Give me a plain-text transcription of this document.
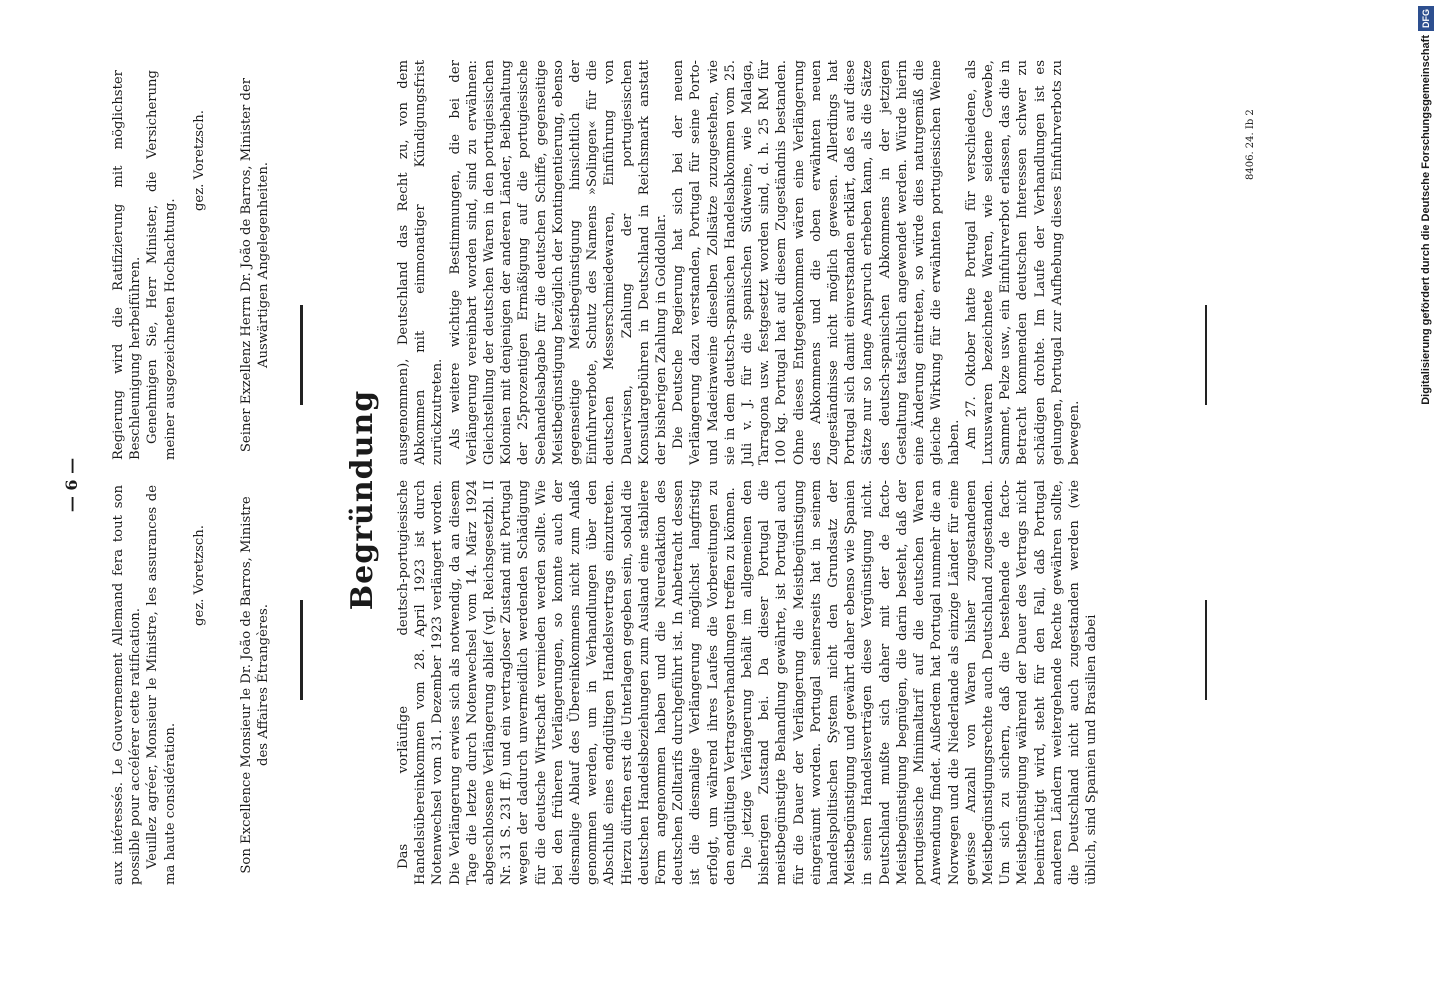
— 6 — aux intéressés. Le Gouvernement Allemand fera tout son possible pour accélérer cette ratification. Veuillez agréer, Monsieur le Ministre, les assurances de ma haute considération.

gez. Voretzsch. Son Excellence Monsieur le Dr. João de Barros, Ministre des Affaires Étrangères.

Regierung wird die Ratifizierung mit möglichster Beschleunigung herbeiführen. Genehmigen Sie, Herr Minister, die Versicherung meiner ausgezeichneten Hochachtung.

gez. Voretzsch. Seiner Exzellenz Herrn Dr. João de Barros, Minister der Auswärtigen Angelegenheiten.
Begründung Das vorläufige deutsch-portugiesische Handelsübereinkommen vom 28. April 1923 ist durch Notenwechsel vom 31. Dezember 1923 verlängert worden. Die Verlängerung erwies sich als notwendig, da an diesem Tage die letzte durch Notenwechsel vom 14. März 1924 abgeschlossene Verlängerung ablief (vgl. Reichsgesetzbl. II Nr. 31 S. 231 ff.) und ein vertragloser Zustand mit Portugal wegen der dadurch unvermeidlich werdenden Schädigung für die deutsche Wirtschaft vermieden werden sollte. Wie bei den früheren Verlängerungen, so konnte auch der diesmalige Ablauf des Übereinkommens nicht zum Anlaß genommen werden, um in Verhandlungen über den Abschluß eines endgültigen Handelsvertrags einzutreten. Hierzu dürften erst die Unterlagen gegeben sein, sobald die deutschen Handelsbeziehungen zum Ausland eine stabilere Form angenommen haben und die Neuredaktion des deutschen Zolltarifs durchgeführt ist. In Anbetracht dessen ist die diesmalige Verlängerung möglichst langfristig erfolgt, um während ihres Laufes die Vorbereitungen zu den endgültigen Vertragsverhandlungen treffen zu können. Die jetzige Verlängerung behält im allgemeinen den bisherigen Zustand bei. Da dieser Portugal die meistbegünstigte Behandlung gewährte, ist Portugal auch für die Dauer der Verlängerung die Meistbegünstigung eingeräumt worden. Portugal seinerseits hat in seinem handelspolitischen System nicht den Grundsatz der Meistbegünstigung und gewährt daher ebenso wie Spanien in seinen Handelsverträgen diese Vergünstigung nicht. Deutschland mußte sich daher mit der de facto-Meistbegünstigung begnügen, die darin besteht, daß der portugiesische Minimaltarif auf die deutschen Waren Anwendung findet. Außerdem hat Portugal nunmehr die an Norwegen und die Niederlande als einzige Länder für eine gewisse Anzahl von Waren bisher zugestandenen Meistbegünstigungsrechte auch Deutschland zugestanden. Um sich zu sichern, daß die bestehende de facto-Meistbegünstigung während der Dauer des Vertrags nicht beeinträchtigt wird, steht für den Fall, daß Portugal anderen Ländern weitergehende Rechte gewähren sollte, die Deutschland nicht auch zugestanden werden (wie üblich, sind Spanien und Brasilien dabei

ausgenommen), Deutschland das Recht zu, von dem Abkommen mit einmonatiger Kündigungsfrist zurückzutreten. Als weitere wichtige Bestimmungen, die bei der Verlängerung vereinbart worden sind, sind zu erwähnen: Gleichstellung der deutschen Waren in den portugiesischen Kolonien mit denjenigen der anderen Länder, Beibehaltung der 25prozentigen Ermäßigung auf die portugiesische Seehandelsabgabe für die deutschen Schiffe, gegenseitige Meistbegünstigung bezüglich der Kontingentierung, ebenso gegenseitige Meistbegünstigung hinsichtlich der Einfuhrverbote, Schutz des Namens »Solingen« für die deutschen Messerschmiedewaren, Einführung von Dauervisen, Zahlung der portugiesischen Konsulargebühren in Deutschland in Reichsmark anstatt der bisherigen Zahlung in Golddollar. Die Deutsche Regierung hat sich bei der neuen Verlängerung dazu verstanden, Portugal für seine Porto- und Madeiraweine dieselben Zollsätze zuzugestehen, wie sie in dem deutsch-spanischen Handelsabkommen vom 25. Juli v. J. für die spanischen Südweine, wie Malaga, Tarragona usw. festgesetzt worden sind, d. h. 25 RM für 100 kg. Portugal hat auf diesem Zugeständnis bestanden. Ohne dieses Entgegenkommen wären eine Verlängerung des Abkommens und die oben erwähnten neuen Zugeständnisse nicht möglich gewesen. Allerdings hat Portugal sich damit einverstanden erklärt, daß es auf diese Sätze nur so lange Anspruch erheben kann, als die Sätze des deutsch-spanischen Abkommens in der jetzigen Gestaltung tatsächlich angewendet werden. Würde hierin eine Änderung eintreten, so würde dies naturgemäß die gleiche Wirkung für die erwähnten portugiesischen Weine haben. Am 27. Oktober hatte Portugal für verschiedene, als Luxuswaren bezeichnete Waren, wie seidene Gewebe, Sammet, Pelze usw., ein Einfuhrverbot erlassen, das die in Betracht kommenden deutschen Interessen schwer zu schädigen drohte. Im Laufe der Verhandlungen ist es gelungen, Portugal zur Aufhebung dieses Einfuhrverbots zu bewegen.

8406. 24. Ib 2	Digitalisierung gefördert durch die Deutsche ForschungsgemeinschaftDFG
